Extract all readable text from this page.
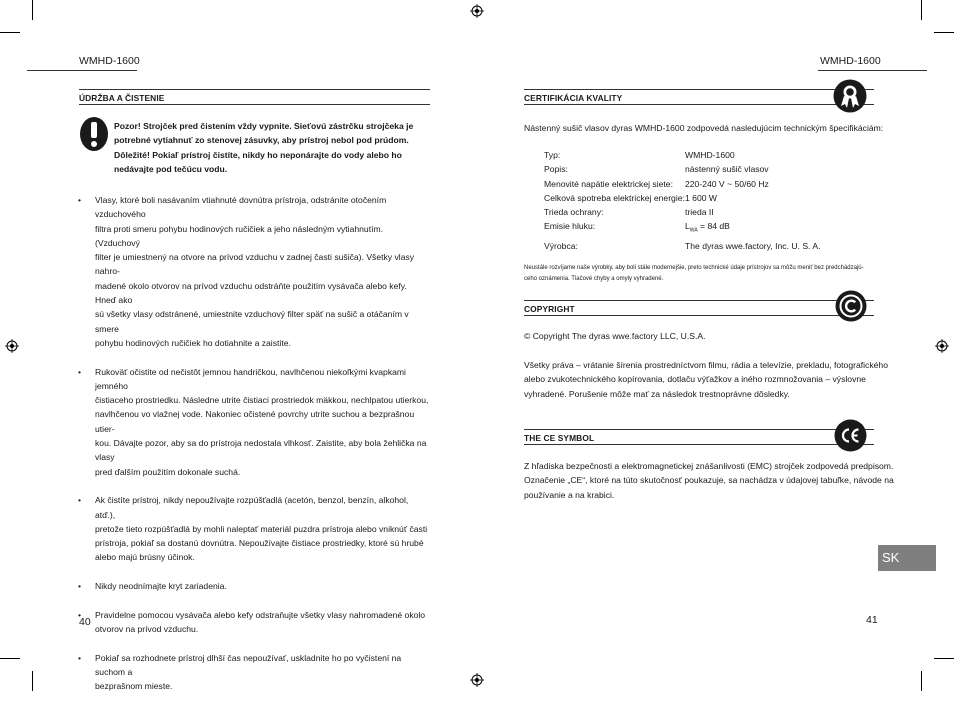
WMHD-1600	WMHD-1600
ÚDRŽBA A ČISTENIE
Pozor! Strojček pred čistením vždy vypnite. Sieťovú zástrčku strojčeka je
potrebné vytiahnuť zo stenovej zásuvky, aby prístroj nebol pod prúdom.
Dôležité! Pokiaľ prístroj čistíte, nikdy ho neponárajte do vody alebo ho
nedávajte pod tečúcu vodu.
• Vlasy, ktoré boli nasávaním vtiahnuté dovnútra prístroja, odstránite otočením vzduchového
filtra proti smeru pohybu hodinových ručičiek a jeho následným vytiahnutím. (Vzduchový
filter je umiestnený na otvore na prívod vzduchu v zadnej časti sušiča). Všetky vlasy nahro-
madené okolo otvorov na prívod vzduchu odstráňte použitím vysávača alebo kefy. Hneď ako
sú všetky vlasy odstránené, umiestnite vzduchový filter späť na sušič a otáčaním v smere
pohybu hodinových ručičiek ho dotiahnite a zaistite.
• Rukoväť očistite od nečistôt jemnou handričkou, navlhčenou niekoľkými kvapkami jemného
čistiaceho prostriedku. Následne utrite čistiaci prostriedok mäkkou, nechlpatou utierkou,
navlhčenou vo vlažnej vode. Nakoniec očistené povrchy utrite suchou a bezprašnou utier-
kou. Dávajte pozor, aby sa do prístroja nedostala vlhkosť. Zaistite, aby bola žehlička na vlasy
pred ďalším použitím dokonale suchá.
• Ak čistíte prístroj, nikdy nepoužívajte rozpúšťadlá (acetón, benzol, benzín, alkohol, atď.),
pretože tieto rozpúšťadlá by mohli naleptať materiál puzdra prístroja alebo vniknúť časti
prístroja, pokiaľ sa dostanú dovnútra. Nepoužívajte čistiace prostriedky, ktoré sú hrubé
alebo majú brúsny účinok.
• Nikdy neodnímajte kryt zariadenia.
• Pravidelne pomocou vysávača alebo kefy odstraňujte všetky vlasy nahromadené okolo
otvorov na prívod vzduchu.
• Pokiaľ sa rozhodnete prístroj dlhší čas nepoužívať, uskladnite ho po vyčistení na suchom a
bezprašnom mieste.
40
CERTIFIKÁCIA KVALITY
Nástenný sušič vlasov dyras WMHD-1600 zodpovedá nasledujúcim technickým špecifikáciám:
Typ:	WMHD-1600
Popis:	nástenný sušič vlasov
Menovité napätie elektrickej siete:	220-240 V ~ 50/60 Hz
Celková spotreba elektrickej energie: 1 600 W
Trieda ochrany:	trieda II
Emisie hluku:	$L_{WA} = 84$ dB
Výrobca:	The dyras wwe.factory, Inc. U. S. A.
Neustále rozvíjame naše výrobky, aby boli stále modernejšie, preto technické údaje prístrojov sa môžu meniť bez predchádzajú-
ceho oznámenia. Tlačové chyby a omyly vyhradené.
COPYRIGHT
© Copyright The dyras wwe.factory LLC, U.S.A.
Všetky práva – vrátanie šírenia prostredníctvom filmu, rádia a televízie, prekladu, fotografického
alebo zvukotechnického kopírovania, dotlaču výťažkov a iného rozmnožovania – výslovne
vyhradené. Porušenie môže mať za následok trestnoprávne dôsledky.
THE CE SYMBOL
Z hľadiska bezpečnosti a elektromagnetickej znášanlivosti (EMC) strojček zodpovedá predpisom.
Označenie „CE“, ktoré na túto skutočnosť poukazuje, sa nachádza v údajovej tabuľke, návode na
používanie a na krabici.
SK
41
